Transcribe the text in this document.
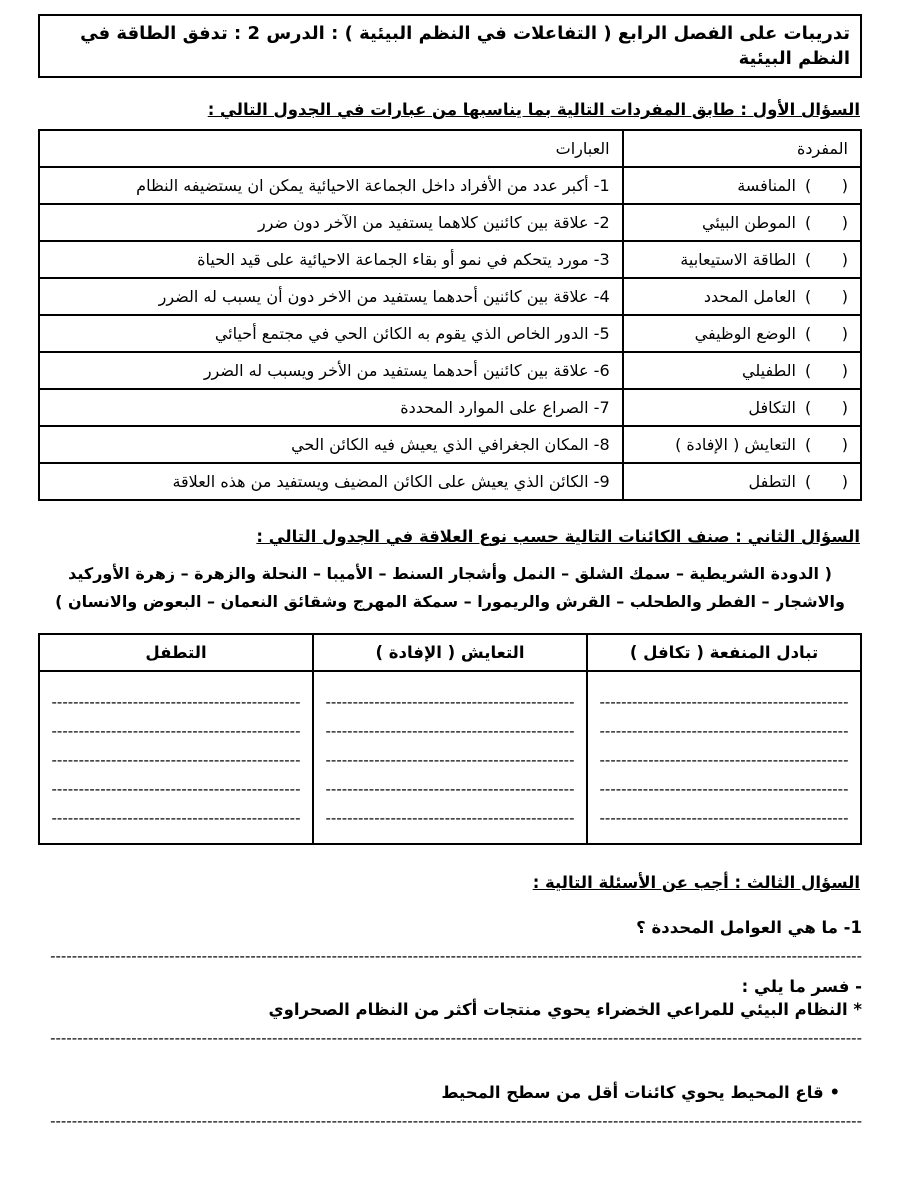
تدريبات على الفصل الرابع ( التفاعلات في النظم البيئية ) : الدرس 2 : تدفق الطاقة في النظم البيئية
السؤال الأول : طابق المفردات التالية بما يناسبها من عبارات في الجدول التالي :
المفردة	العبارات
(      )المنافسة	1- أكبر عدد من الأفراد داخل الجماعة الاحيائية يمكن ان يستضيفه النظام
(      )الموطن البيئي	2- علاقة بين كائنين كلاهما يستفيد من الآخر دون ضرر
(      )الطاقة الاستيعابية	3- مورد يتحكم في نمو أو بقاء الجماعة الاحيائية على قيد الحياة
(      )العامل المحدد	4- علاقة بين كائنين أحدهما يستفيد من الاخر دون أن يسبب له الضرر
(      )الوضع الوظيفي	5- الدور الخاص الذي يقوم به الكائن الحي في مجتمع أحيائي
(      )الطفيلي	6- علاقة بين كائنين أحدهما يستفيد من الأخر ويسبب له الضرر
(      )التكافل	7- الصراع على الموارد المحددة
(      )التعايش ( الإفادة )	8- المكان الجغرافي الذي يعيش فيه الكائن الحي
(      )التطفل	9- الكائن الذي يعيش على الكائن المضيف ويستفيد من هذه العلاقة
السؤال الثاني : صنف الكائنات التالية حسب نوع العلاقة في الجدول التالي :
( الدودة الشريطية – سمك الشلق – النمل وأشجار السنط – الأميبا – النحلة والزهرة – زهرة الأوركيد والاشجار – الفطر والطحلب – القرش والريمورا – سمكة المهرج وشقائق النعمان – البعوض والانسان )
تبادل المنفعة ( تكافل )	التعايش ( الإفادة )	التطفل

----------------------------------------------
----------------------------------------------
----------------------------------------------
----------------------------------------------
----------------------------------------------

----------------------------------------------
----------------------------------------------
----------------------------------------------
----------------------------------------------
----------------------------------------------

----------------------------------------------
----------------------------------------------
----------------------------------------------
----------------------------------------------
----------------------------------------------
السؤال الثالث : أجب عن الأسئلة التالية :
1- ما هي العوامل المحددة ؟
------------------------------------------------------------------------------------------------------------------------------------------------------
- فسر ما يلي :
* النظام البيئي للمراعي الخضراء يحوي منتجات أكثر من النظام الصحراوي
------------------------------------------------------------------------------------------------------------------------------------------------------
• قاع المحيط يحوي كائنات أقل من سطح المحيط
------------------------------------------------------------------------------------------------------------------------------------------------------
